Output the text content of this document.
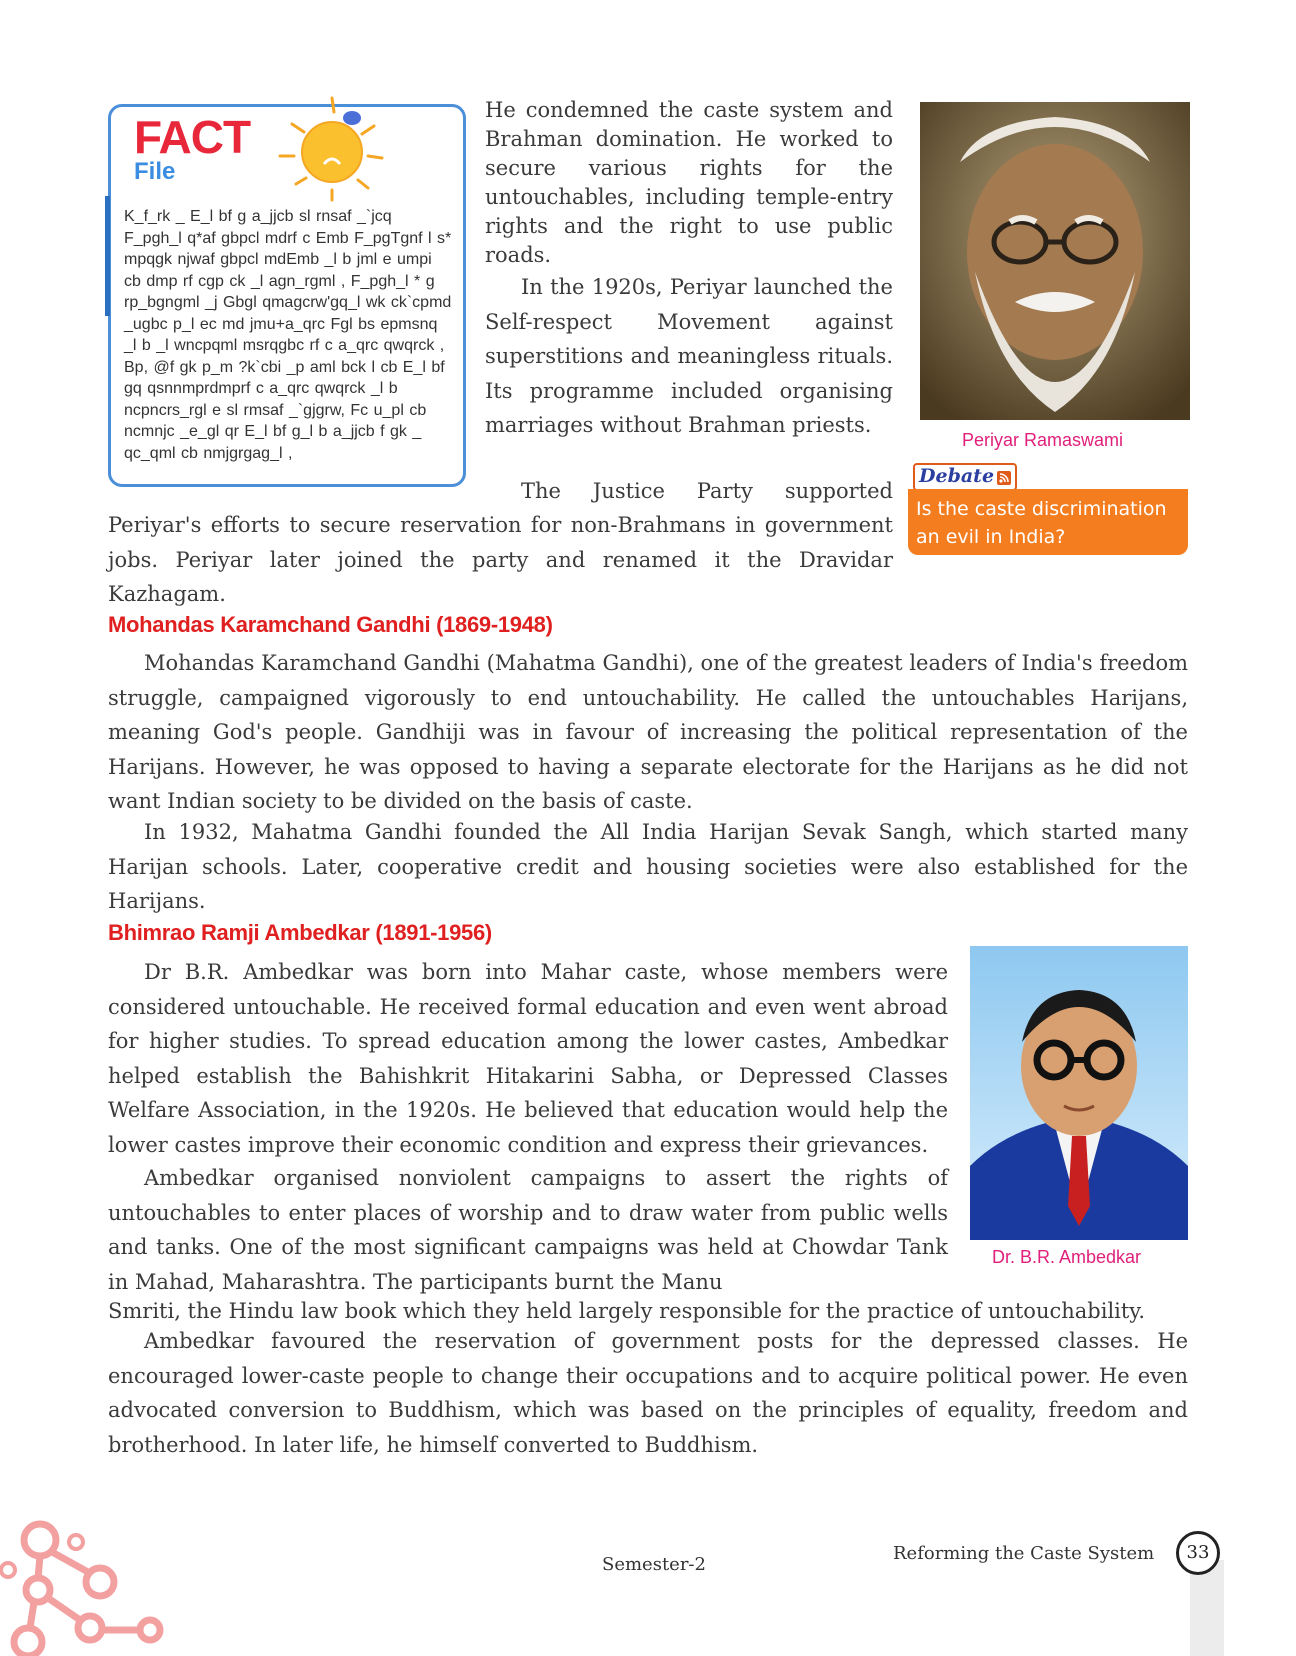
FACT
File

K_f_rk _ E_l bf g a_jjcb sl rnsaf _`jcq F_pgh_l q*af gbpcl mdrf c Emb F_pgTgnf l s* mpqgk njwaf gbpcl mdEmb _l b jml e umpi cb dmp rf cgp ck _l agn_rgml , F_pgh_l * g rp_bgngml _j Gbgl qmagcrw'gq_l wk ck`cpmd _ugbc p_l ec md jmu+a_qrc Fgl bs epmsnq _l b _l wncpqml msrqgbc rf c a_qrc qwqrck , Bp, @f gk p_m ?k`cbi _p aml bck l cb E_l bf gq qsnnmprdmprf c a_qrc qwqrck _l b ncpncrs_rgl e sl rmsaf _`gjgrw, Fc u_pl cb ncmnjc _e_gl qr E_l bf g_l b a_jjcb f gk _ qc_qml cb nmjgrgag_l ,

He condemned the caste system and Brahman domination. He worked to secure various rights for the untouchables, including temple-entry rights and the right to use public roads.

In the 1920s, Periyar launched the Self-respect Movement against superstitions and meaningless rituals. Its programme included organising marriages without Brahman priests.

The Justice Party supported

Periyar's efforts to secure reservation for non-Brahmans in government jobs. Periyar later joined the party and renamed it the Dravidar Kazhagam.

Periyar Ramaswami
Debate
Is the caste discrimination an evil in India?
Mohandas Karamchand Gandhi (1869-1948)

Mohandas Karamchand Gandhi (Mahatma Gandhi), one of the greatest leaders of India's freedom struggle, campaigned vigorously to end untouchability. He called the untouchables Harijans, meaning God's people. Gandhiji was in favour of increasing the political representation of the Harijans. However, he was opposed to having a separate electorate for the Harijans as he did not want Indian society to be divided on the basis of caste.

In 1932, Mahatma Gandhi founded the All India Harijan Sevak Sangh, which started many Harijan schools. Later, cooperative credit and housing societies were also established for the Harijans.

Bhimrao Ramji Ambedkar (1891-1956)

Dr B.R. Ambedkar was born into Mahar caste, whose members were considered untouchable. He received formal education and even went abroad for higher studies. To spread education among the lower castes, Ambedkar helped establish the Bahishkrit Hitakarini Sabha, or Depressed Classes Welfare Association, in the 1920s. He believed that education would help the lower castes improve their economic condition and express their grievances.

Ambedkar organised nonviolent campaigns to assert the rights of untouchables to enter places of worship and to draw water from public wells and tanks. One of the most significant campaigns was held at Chowdar Tank in Mahad, Maharashtra. The participants burnt the Manu

Smriti, the Hindu law book which they held largely responsible for the practice of untouchability.

Ambedkar favoured the reservation of government posts for the depressed classes. He encouraged lower-caste people to change their occupations and to acquire political power. He even advocated conversion to Buddhism, which was based on the principles of equality, freedom and brotherhood. In later life, he himself converted to Buddhism.

Dr. B.R. Ambedkar
Semester-2
Reforming the Caste System	33
